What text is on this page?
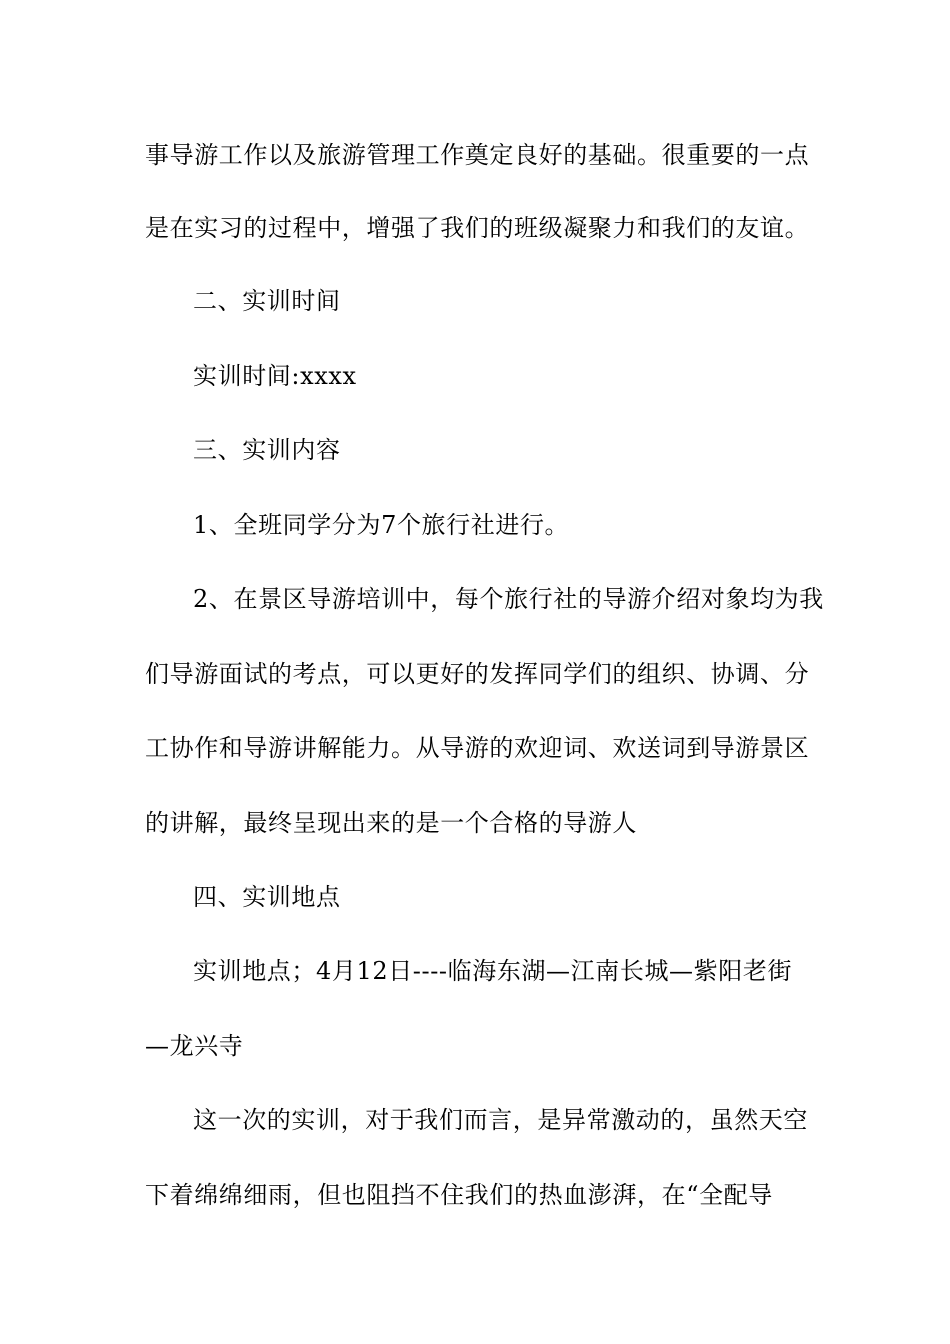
事导游工作以及旅游管理工作奠定良好的基础。很重要的一点
是在实习的过程中，增强了我们的班级凝聚力和我们的友谊。
二、实训时间
实训时间:xxxx
三、实训内容
1、全班同学分为7个旅行社进行。
2、在景区导游培训中，每个旅行社的导游介绍对象均为我
们导游面试的考点，可以更好的发挥同学们的组织、协调、分
工协作和导游讲解能力。从导游的欢迎词、欢送词到导游景区
的讲解，最终呈现出来的是一个合格的导游人
四、实训地点
实训地点；4月12日----临海东湖—江南长城—紫阳老街
—龙兴寺
这一次的实训，对于我们而言，是异常激动的，虽然天空
下着绵绵细雨，但也阻挡不住我们的热血澎湃，在“全配导
